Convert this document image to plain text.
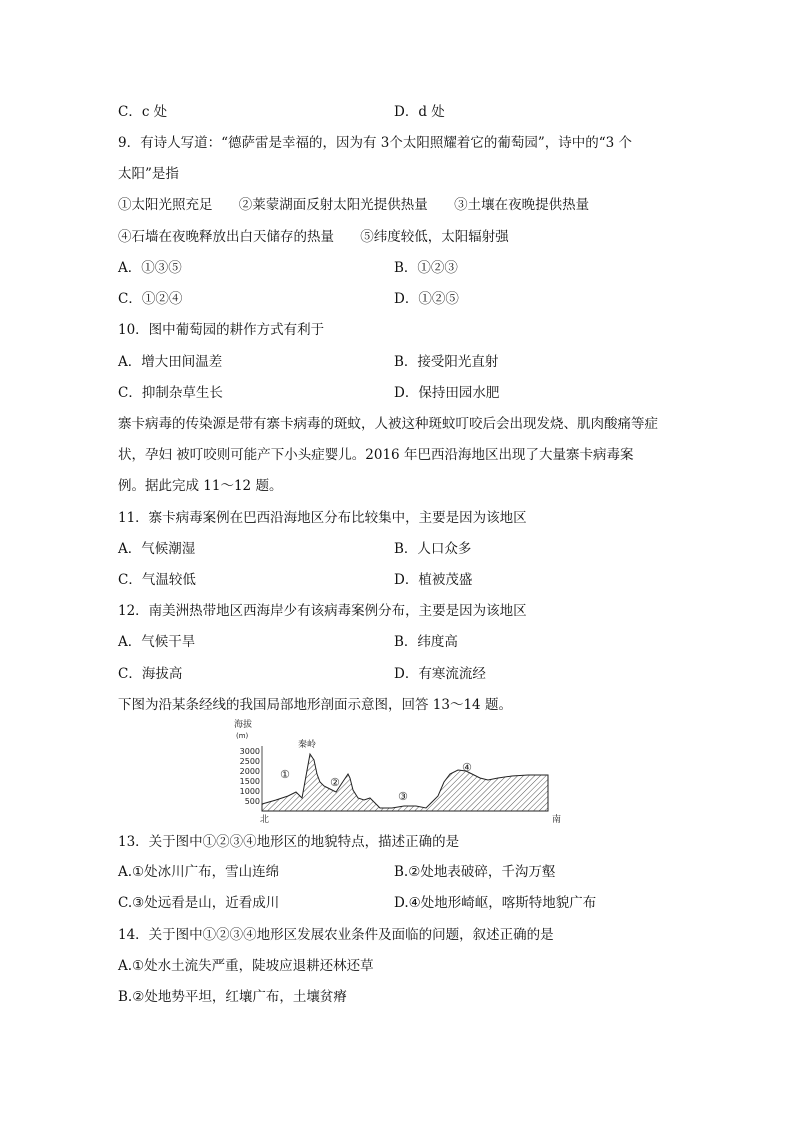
C．c 处	D．d 处
9．有诗人写道：“德萨雷是幸福的，因为有 3个太阳照耀着它的葡萄园”，诗中的“3 个
太阳”是指
①太阳光照充足 ②莱蒙湖面反射太阳光提供热量 ③土壤在夜晚提供热量
④石墙在夜晚释放出白天储存的热量 ⑤纬度较低，太阳辐射强
A．①③⑤	B．①②③
C．①②④	D．①②⑤
10．图中葡萄园的耕作方式有利于
A．增大田间温差	B．接受阳光直射
C．抑制杂草生长	D．保持田园水肥
寨卡病毒的传染源是带有寨卡病毒的斑蚊，人被这种斑蚊叮咬后会出现发烧、肌肉酸痛等症
状，孕妇 被叮咬则可能产下小头症婴儿。2016 年巴西沿海地区出现了大量寨卡病毒案
例。据此完成 11～12 题。
11．寨卡病毒案例在巴西沿海地区分布比较集中，主要是因为该地区
A．气候潮湿	B．人口众多
C．气温较低	D．植被茂盛
12．南美洲热带地区西海岸少有该病毒案例分布，主要是因为该地区
A．气候干旱	B．纬度高
C．海拔高	D．有寒流流经
下图为沿某条经线的我国局部地形剖面示意图，回答 13～14 题。
海拔
(m)
3000
2500
2000
1500
1000
500
秦岭
①
②
③
④
北	南
13．关于图中①②③④地形区的地貌特点，描述正确的是
A.①处冰川广布，雪山连绵	B.②处地表破碎，千沟万壑
C.③处远看是山，近看成川	D.④处地形崎岖，喀斯特地貌广布
14．关于图中①②③④地形区发展农业条件及面临的问题，叙述正确的是
A.①处水土流失严重，陡坡应退耕还林还草
B.②处地势平坦，红壤广布，土壤贫瘠
